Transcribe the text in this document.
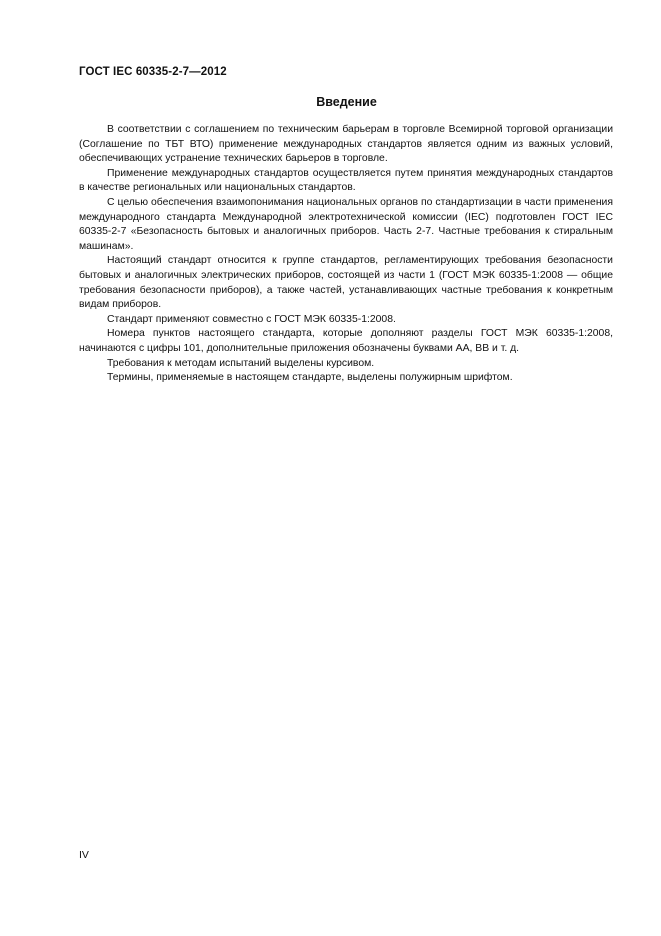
ГОСТ IEC 60335-2-7—2012
Введение

В соответствии с соглашением по техническим барьерам в торговле Всемирной торговой организации (Соглашение по ТБТ ВТО) применение международных стандартов является одним из важных условий, обеспечивающих устранение технических барьеров в торговле.

Применение международных стандартов осуществляется путем принятия международных стандартов в качестве региональных или национальных стандартов.

С целью обеспечения взаимопонимания национальных органов по стандартизации в части применения международного стандарта Международной электротехнической комиссии (IEC) подготовлен ГОСТ IEC 60335-2-7 «Безопасность бытовых и аналогичных приборов. Часть 2-7. Частные требования к стиральным машинам».

Настоящий стандарт относится к группе стандартов, регламентирующих требования безопасности бытовых и аналогичных электрических приборов, состоящей из части 1 (ГОСТ МЭК 60335-1:2008 — общие требования безопасности приборов), а также частей, устанавливающих частные требования к конкретным видам приборов.

Стандарт применяют совместно с ГОСТ МЭК 60335-1:2008.

Номера пунктов настоящего стандарта, которые дополняют разделы ГОСТ МЭК 60335-1:2008, начинаются с цифры 101, дополнительные приложения обозначены буквами АА, ВВ и т. д.

Требования к методам испытаний выделены курсивом.

Термины, применяемые в настоящем стандарте, выделены полужирным шрифтом.

IV
